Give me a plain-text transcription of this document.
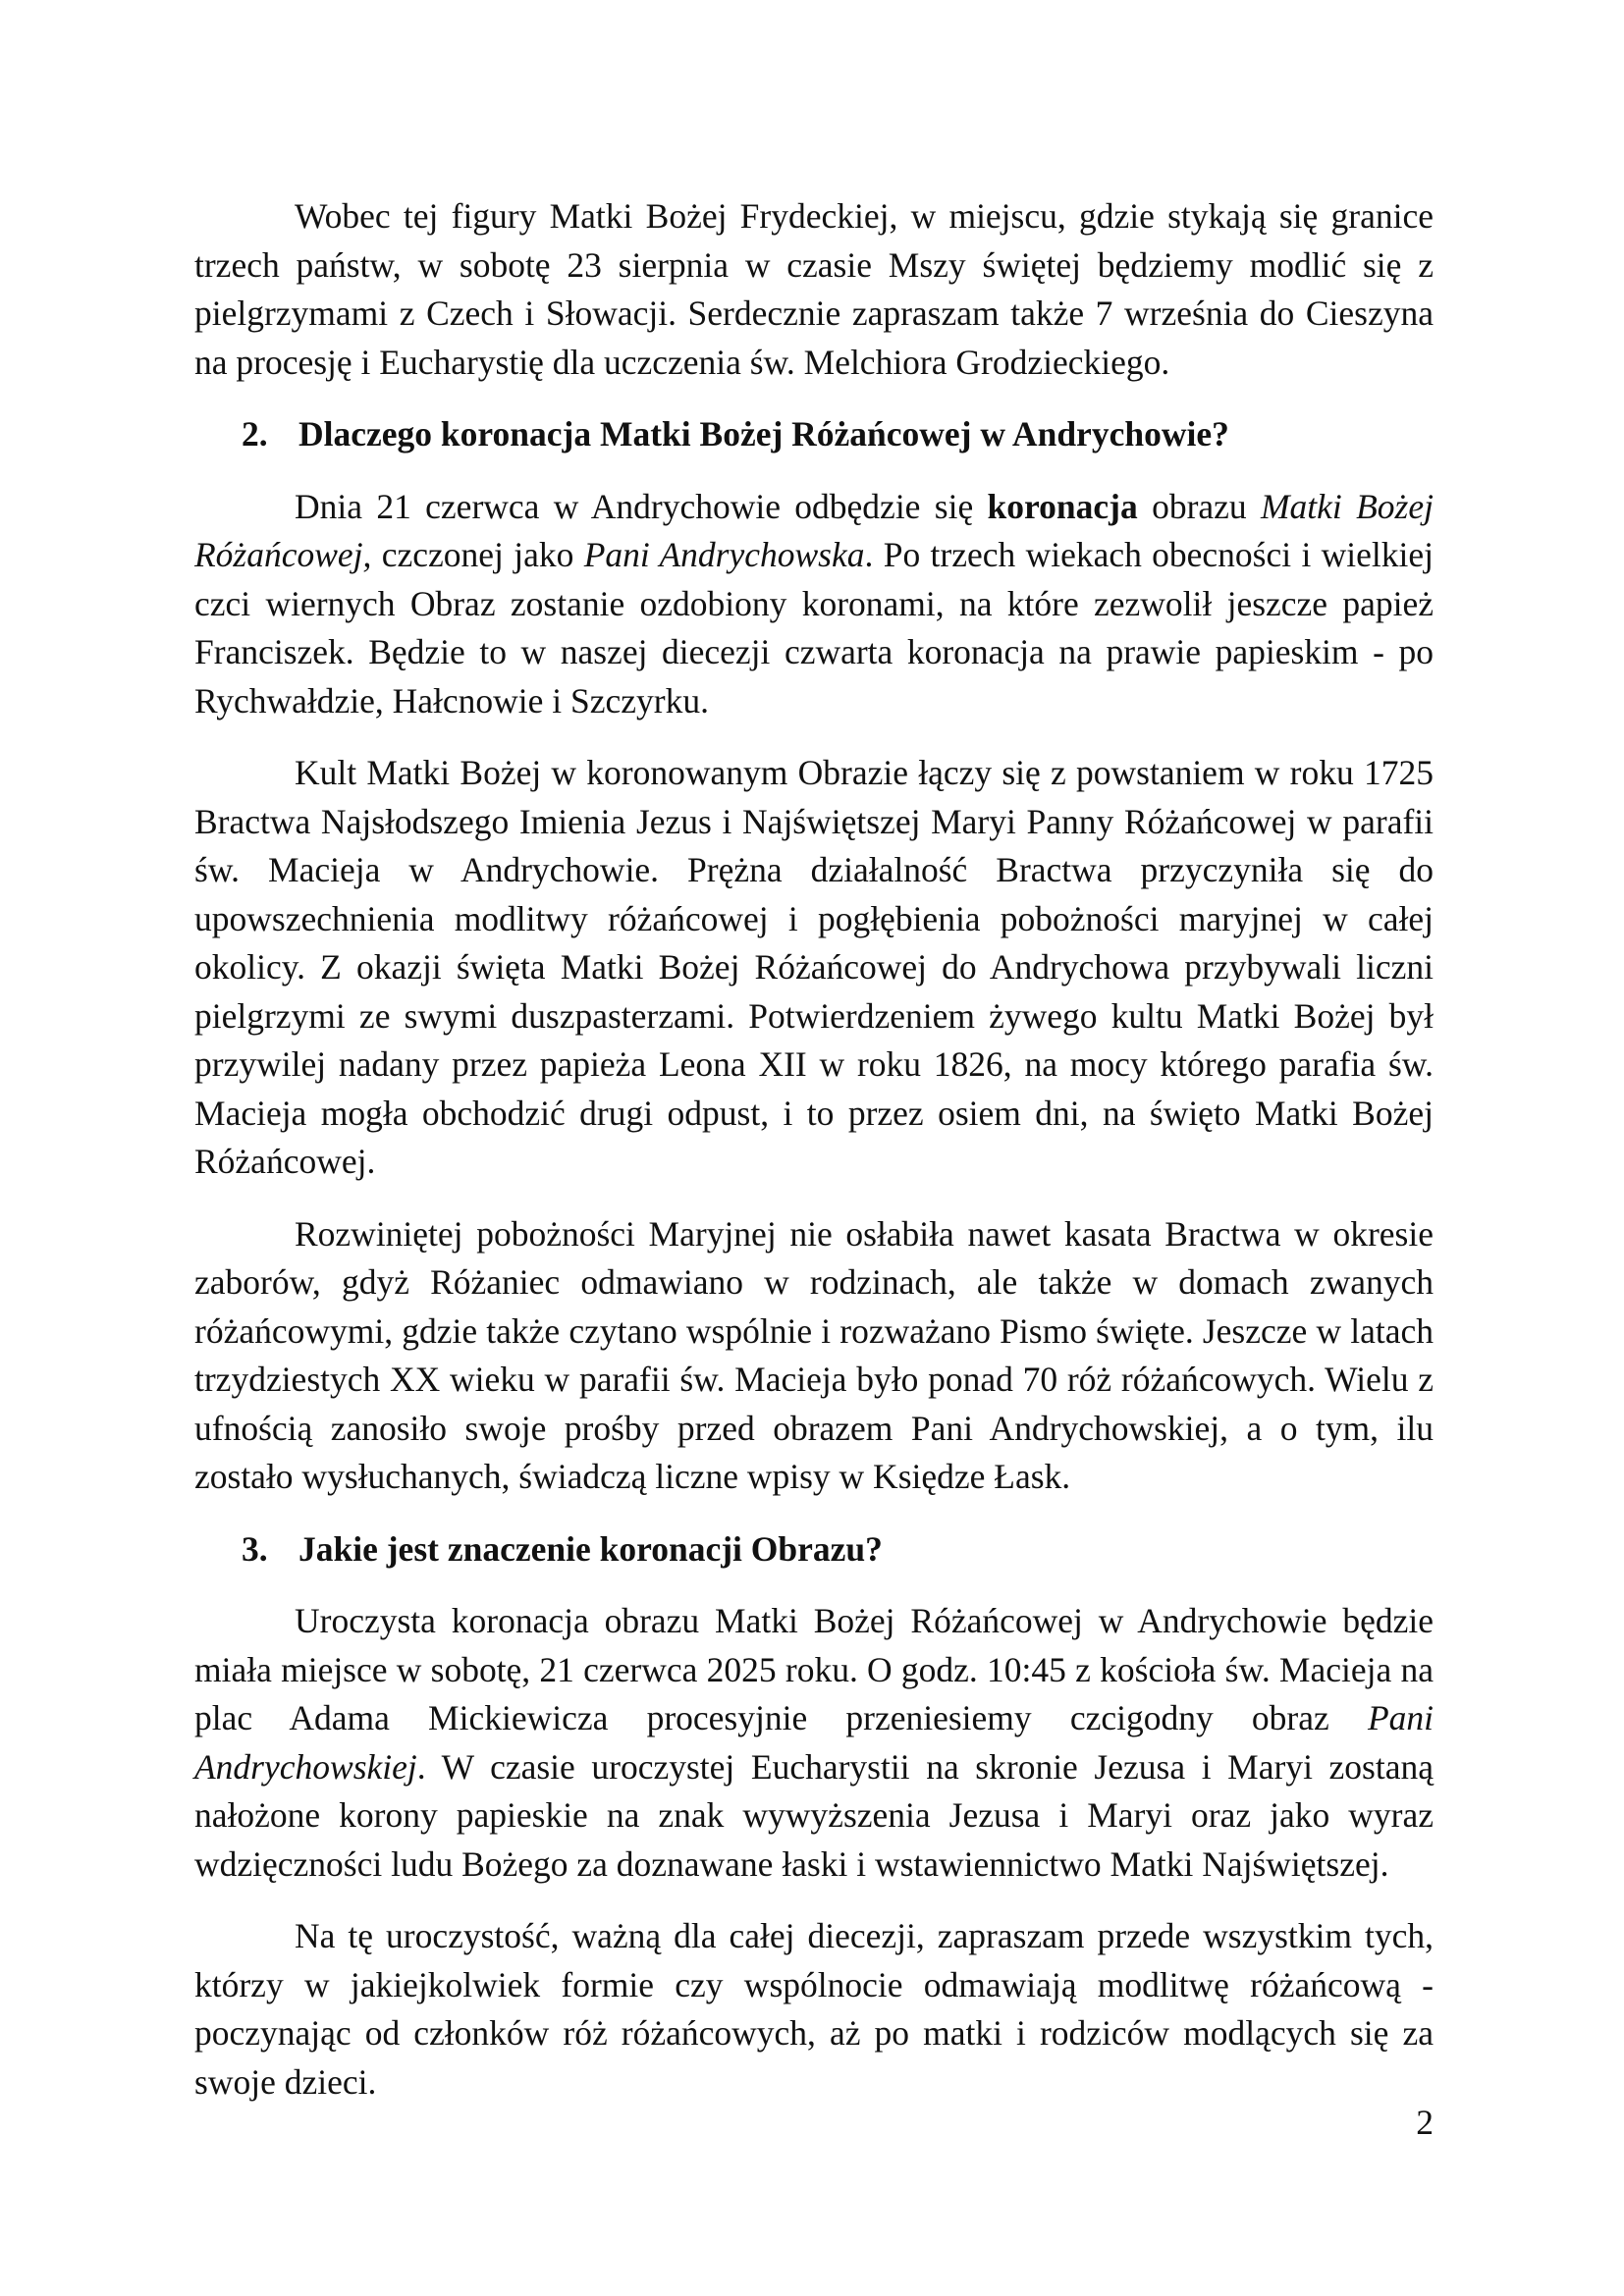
Wobec tej figury Matki Bożej Frydeckiej, w miejscu, gdzie stykają się granice trzech państw, w sobotę 23 sierpnia w czasie Mszy świętej będziemy modlić się z pielgrzymami z Czech i Słowacji. Serdecznie zapraszam także 7 września do Cieszyna na procesję i Eucharystię dla uczczenia św. Melchiora Grodzieckiego.

2. Dlaczego koronacja Matki Bożej Różańcowej w Andrychowie?

Dnia 21 czerwca w Andrychowie odbędzie się koronacja obrazu Matki Bożej Różańcowej, czczonej jako Pani Andrychowska. Po trzech wiekach obecności i wielkiej czci wiernych Obraz zostanie ozdobiony koronami, na które zezwolił jeszcze papież Franciszek. Będzie to w naszej diecezji czwarta koronacja na prawie papieskim - po Rychwałdzie, Hałcnowie i Szczyrku.

Kult Matki Bożej w koronowanym Obrazie łączy się z powstaniem w roku 1725 Bractwa Najsłodszego Imienia Jezus i Najświętszej Maryi Panny Różańcowej w parafii św. Macieja w Andrychowie. Prężna działalność Bractwa przyczyniła się do upowszechnienia modlitwy różańcowej i pogłębienia pobożności maryjnej w całej okolicy. Z okazji święta Matki Bożej Różańcowej do Andrychowa przybywali liczni pielgrzymi ze swymi duszpasterzami. Potwierdzeniem żywego kultu Matki Bożej był przywilej nadany przez papieża Leona XII w roku 1826, na mocy którego parafia św. Macieja mogła obchodzić drugi odpust, i to przez osiem dni, na święto Matki Bożej Różańcowej.

Rozwiniętej pobożności Maryjnej nie osłabiła nawet kasata Bractwa w okresie zaborów, gdyż Różaniec odmawiano w rodzinach, ale także w domach zwanych różańcowymi, gdzie także czytano wspólnie i rozważano Pismo święte. Jeszcze w latach trzydziestych XX wieku w parafii św. Macieja było ponad 70 róż różańcowych. Wielu z ufnością zanosiło swoje prośby przed obrazem Pani Andrychowskiej, a o tym, ilu zostało wysłuchanych, świadczą liczne wpisy w Księdze Łask.

3. Jakie jest znaczenie koronacji Obrazu?

Uroczysta koronacja obrazu Matki Bożej Różańcowej w Andrychowie będzie miała miejsce w sobotę, 21 czerwca 2025 roku. O godz. 10:45 z kościoła św. Macieja na plac Adama Mickiewicza procesyjnie przeniesiemy czcigodny obraz Pani Andrychowskiej. W czasie uroczystej Eucharystii na skronie Jezusa i Maryi zostaną nałożone korony papieskie na znak wywyższenia Jezusa i Maryi oraz jako wyraz wdzięczności ludu Bożego za doznawane łaski i wstawiennictwo Matki Najświętszej.

Na tę uroczystość, ważną dla całej diecezji, zapraszam przede wszystkim tych, którzy w jakiejkolwiek formie czy wspólnocie odmawiają modlitwę różańcową - poczynając od członków róż różańcowych, aż po matki i rodziców modlących się za swoje dzieci.

2
